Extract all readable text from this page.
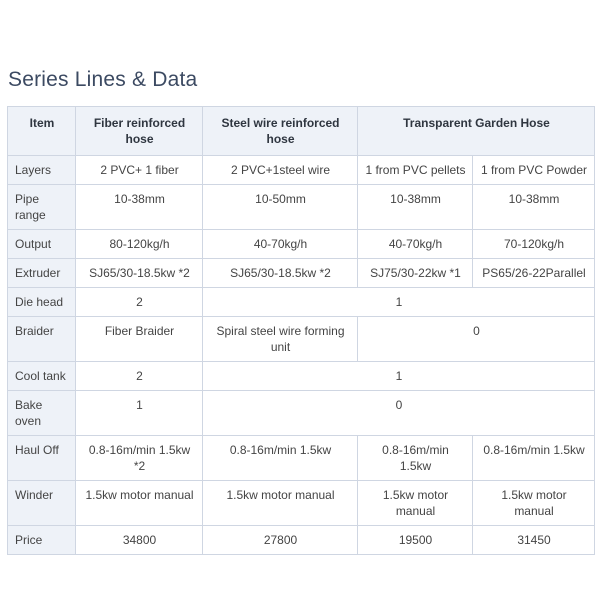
Series Lines & Data
Item	Fiber reinforced hose	Steel wire reinforced hose	Transparent Garden Hose	
Layers	2 PVC+ 1 fiber	2 PVC+1steel wire	1 from PVC pellets	1 from PVC Powder
Pipe range	10-38mm	10-50mm	10-38mm	10-38mm
Output	80-120kg/h	40-70kg/h	40-70kg/h	70-120kg/h
Extruder	SJ65/30-18.5kw *2	SJ65/30-18.5kw *2	SJ75/30-22kw *1	PS65/26-22Parallel
Die head	2	1		
Braider	Fiber Braider	Spiral steel wire forming unit	0	
Cool tank	2	1		
Bake oven	1	0		
Haul Off	0.8-16m/min 1.5kw *2	0.8-16m/min 1.5kw	0.8-16m/min 1.5kw	0.8-16m/min 1.5kw
Winder	1.5kw motor manual	1.5kw motor manual	1.5kw motor manual	1.5kw motor manual
Price	34800	27800	19500	31450
